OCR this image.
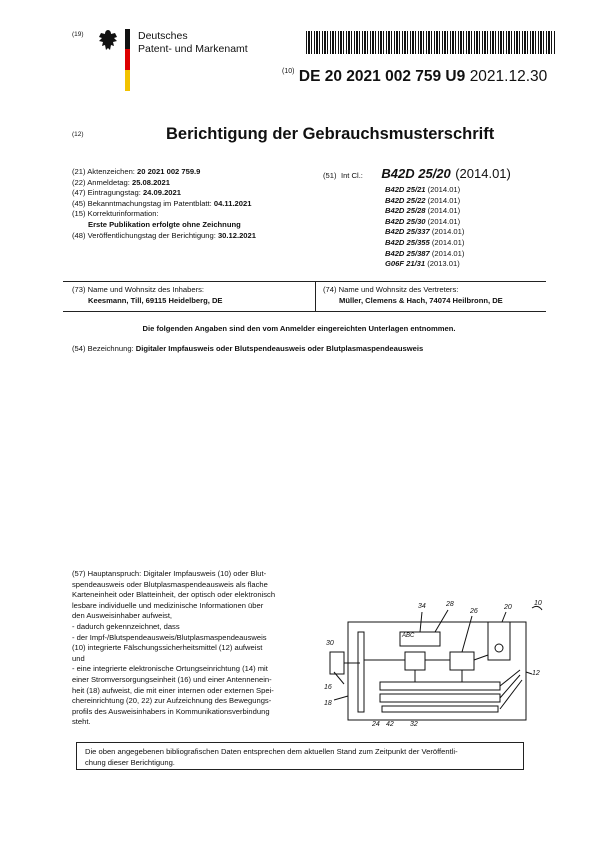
(19)	Deutsches
Patent- und Markenamt
$^{(10)}$ DE 20 2021 002 759 U9 2021.12.30
(12)	Berichtigung der Gebrauchsmusterschrift
(21) Aktenzeichen: 20 2021 002 759.9
(22) Anmeldetag: 25.08.2021
(47) Eintragungstag: 24.09.2021
(45) Bekanntmachungstag im Patentblatt: 04.11.2021
(15) Korrekturinformation:
Erste Publikation erfolgte ohne Zeichnung
(48) Veröffentlichungstag der Berichtigung: 30.12.2021
(51) Int Cl.: B42D 25/20 (2014.01)
B42D 25/21 (2014.01)
B42D 25/22 (2014.01)
B42D 25/28 (2014.01)
B42D 25/30 (2014.01)
B42D 25/337 (2014.01)
B42D 25/355 (2014.01)
B42D 25/387 (2014.01)
G06F 21/31 (2013.01)
(73) Name und Wohnsitz des Inhabers:
Keesmann, Till, 69115 Heidelberg, DE
(74) Name und Wohnsitz des Vertreters:
Müller, Clemens & Hach, 74074 Heilbronn, DE
Die folgenden Angaben sind den vom Anmelder eingereichten Unterlagen entnommen.
(54) Bezeichnung: Digitaler Impfausweis oder Blutspendeausweis oder Blutplasmaspendeausweis
(57) Hauptanspruch: Digitaler Impfausweis (10) oder Blut-
spendeausweis oder Blutplasmaspendeausweis als flache
Karteneinheit oder Blatteinheit, der optisch oder elektronisch
lesbare individuelle und medizinische Informationen über
den Ausweisinhaber aufweist,
- dadurch gekennzeichnet, dass
- der Impf-/Blutspendeausweis/Blutplasmaspendeausweis
(10) integrierte Fälschungssicherheitsmittel (12) aufweist
und
- eine integrierte elektronische Ortungseinrichtung (14) mit
einer Stromversorgungseinheit (16) und einer Antennenein-
heit (18) aufweist, die mit einer internen oder externen Spei-
chereinrichtung (20, 22) zur Aufzeichnung des Bewegungs-
profils des Ausweisinhabers in Kommunikationsverbindung
steht.
ABC
10
34	28
26
20
30
12
16
18
24 42 32
Die oben angegebenen bibliografischen Daten entsprechen dem aktuellen Stand zum Zeitpunkt der Veröffentli-
chung dieser Berichtigung.
